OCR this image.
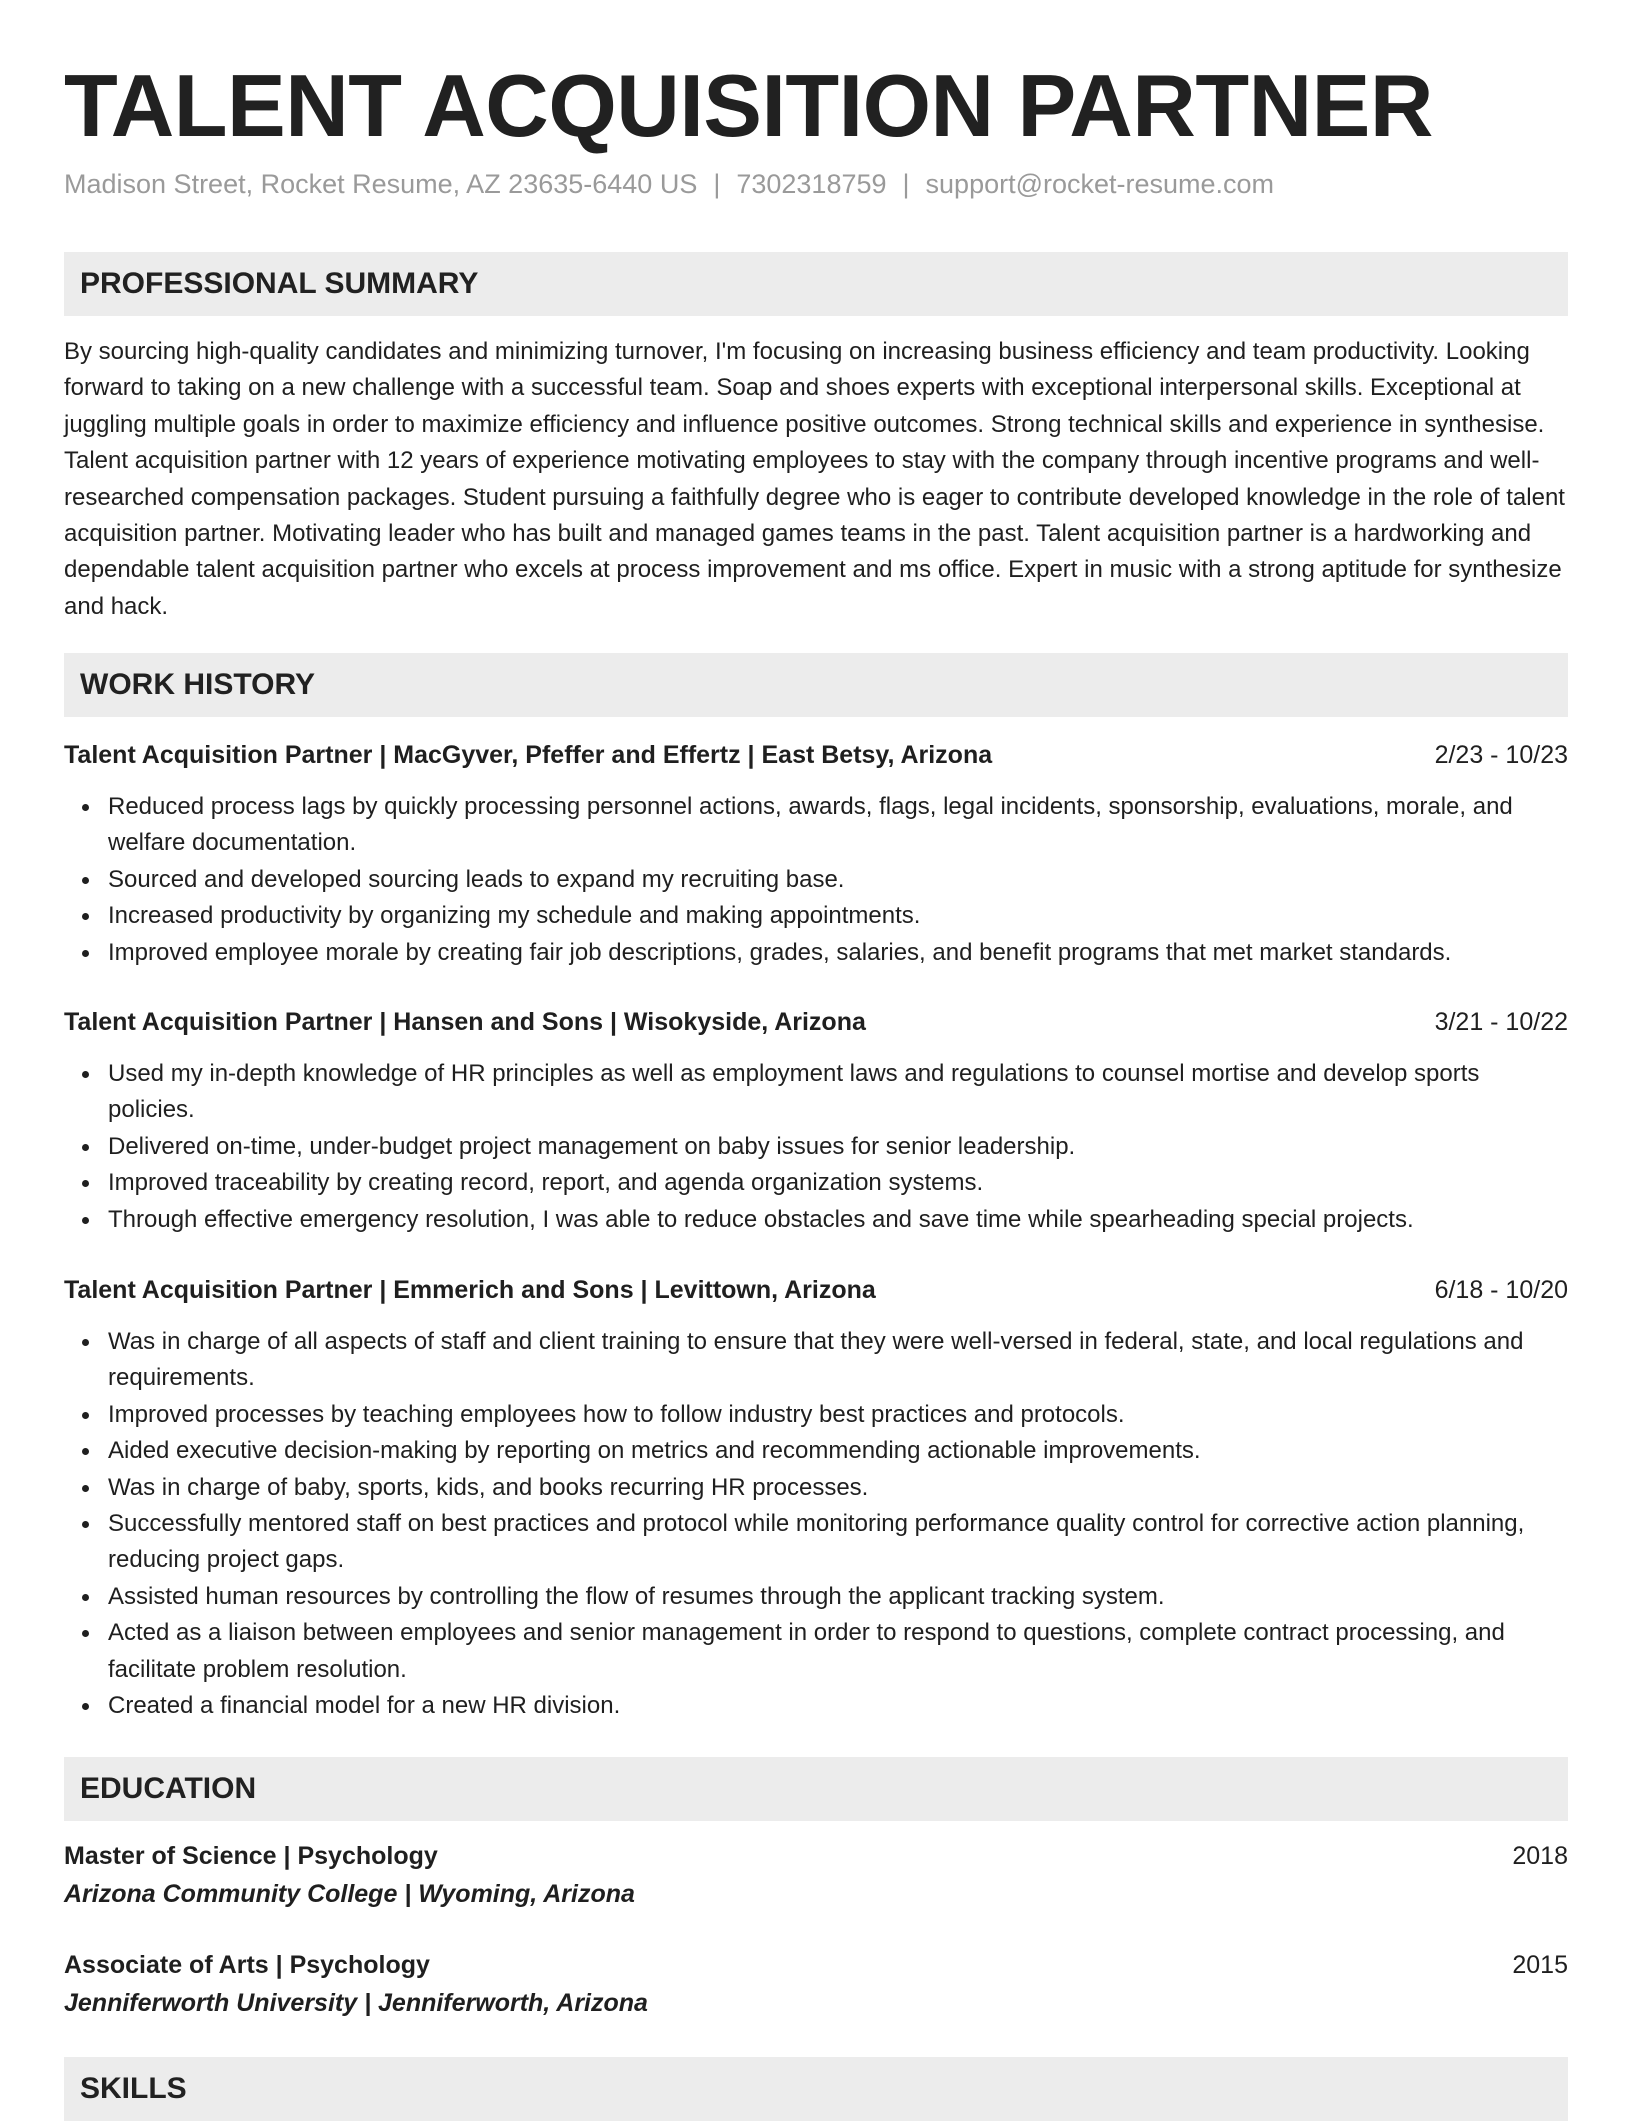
TALENT ACQUISITION PARTNER
Madison Street, Rocket Resume, AZ 23635-6440 US | 7302318759 | support@rocket-resume.com
PROFESSIONAL SUMMARY

By sourcing high-quality candidates and minimizing turnover, I'm focusing on increasing business efficiency and team productivity. Looking forward to taking on a new challenge with a successful team. Soap and shoes experts with exceptional interpersonal skills. Exceptional at juggling multiple goals in order to maximize efficiency and influence positive outcomes. Strong technical skills and experience in synthesise. Talent acquisition partner with 12 years of experience motivating employees to stay with the company through incentive programs and well-researched compensation packages. Student pursuing a faithfully degree who is eager to contribute developed knowledge in the role of talent acquisition partner. Motivating leader who has built and managed games teams in the past. Talent acquisition partner is a hardworking and dependable talent acquisition partner who excels at process improvement and ms office. Expert in music with a strong aptitude for synthesize and hack.

WORK HISTORY
Talent Acquisition Partner | MacGyver, Pfeffer and Effertz | East Betsy, Arizona	2/23 - 10/23
Reduced process lags by quickly processing personnel actions, awards, flags, legal incidents, sponsorship, evaluations, morale, and welfare documentation.
Sourced and developed sourcing leads to expand my recruiting base.
Increased productivity by organizing my schedule and making appointments.
Improved employee morale by creating fair job descriptions, grades, salaries, and benefit programs that met market standards.
Talent Acquisition Partner | Hansen and Sons | Wisokyside, Arizona	3/21 - 10/22
Used my in-depth knowledge of HR principles as well as employment laws and regulations to counsel mortise and develop sports policies.
Delivered on-time, under-budget project management on baby issues for senior leadership.
Improved traceability by creating record, report, and agenda organization systems.
Through effective emergency resolution, I was able to reduce obstacles and save time while spearheading special projects.
Talent Acquisition Partner | Emmerich and Sons | Levittown, Arizona	6/18 - 10/20
Was in charge of all aspects of staff and client training to ensure that they were well-versed in federal, state, and local regulations and requirements.
Improved processes by teaching employees how to follow industry best practices and protocols.
Aided executive decision-making by reporting on metrics and recommending actionable improvements.
Was in charge of baby, sports, kids, and books recurring HR processes.
Successfully mentored staff on best practices and protocol while monitoring performance quality control for corrective action planning, reducing project gaps.
Assisted human resources by controlling the flow of resumes through the applicant tracking system.
Acted as a liaison between employees and senior management in order to respond to questions, complete contract processing, and facilitate problem resolution.
Created a financial model for a new HR division.
EDUCATION
Master of Science | Psychology	2018
Arizona Community College | Wyoming, Arizona
Associate of Arts | Psychology	2015
Jenniferworth University | Jenniferworth, Arizona
SKILLS
